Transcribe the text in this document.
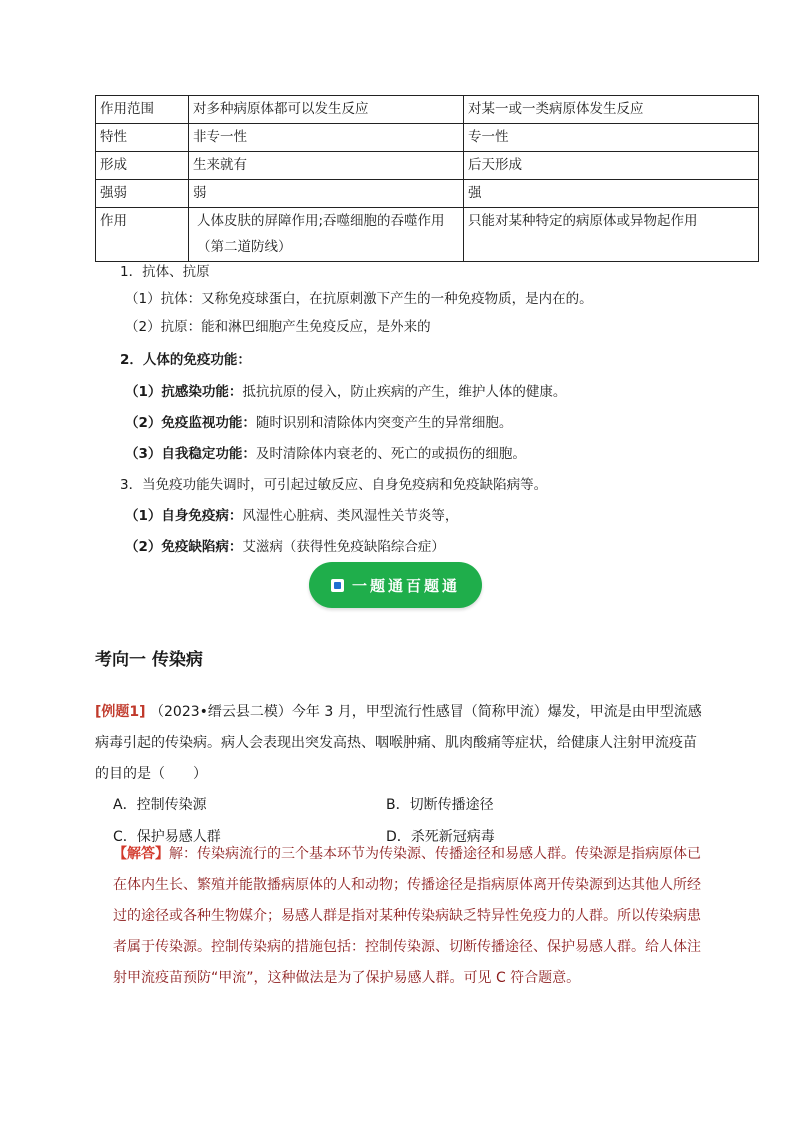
作用范围	对多种病原体都可以发生反应	对某一或一类病原体发生反应
特性	非专一性	专一性
形成	生来就有	后天形成
强弱	弱	强
作用	人体皮肤的屏障作用;吞噬细胞的吞噬作用（第二道防线）	只能对某种特定的病原体或异物起作用
1．抗体、抗原
（1）抗体：又称免疫球蛋白，在抗原刺激下产生的一种免疫物质，是内在的。
（2）抗原：能和淋巴细胞产生免疫反应，是外来的
2．人体的免疫功能：
（1）抗感染功能：抵抗抗原的侵入，防止疾病的产生，维护人体的健康。
（2）免疫监视功能：随时识别和清除体内突变产生的异常细胞。
（3）自我稳定功能：及时清除体内衰老的、死亡的或损伤的细胞。
3．当免疫功能失调时，可引起过敏反应、自身免疫病和免疫缺陷病等。
（1）自身免疫病：风湿性心脏病、类风湿性关节炎等，
（2）免疫缺陷病：艾滋病（获得性免疫缺陷综合症）
一题通百题通
考向一 传染病
[例题1] （2023•缙云县二模）今年 3 月，甲型流行性感冒（简称甲流）爆发，甲流是由甲型流感病毒引起的传染病。病人会表现出突发高热、咽喉肿痛、肌肉酸痛等症状，给健康人注射甲流疫苗的目的是（　　）
A．控制传染源	B．切断传播途径
C．保护易感人群	D．杀死新冠病毒
【解答】解：传染病流行的三个基本环节为传染源、传播途径和易感人群。传染源是指病原体已在体内生长、繁殖并能散播病原体的人和动物；传播途径是指病原体离开传染源到达其他人所经过的途径或各种生物媒介；易感人群是指对某种传染病缺乏特异性免疫力的人群。所以传染病患者属于传染源。控制传染病的措施包括：控制传染源、切断传播途径、保护易感人群。给人体注射甲流疫苗预防“甲流”，这种做法是为了保护易感人群。可见 C 符合题意。
